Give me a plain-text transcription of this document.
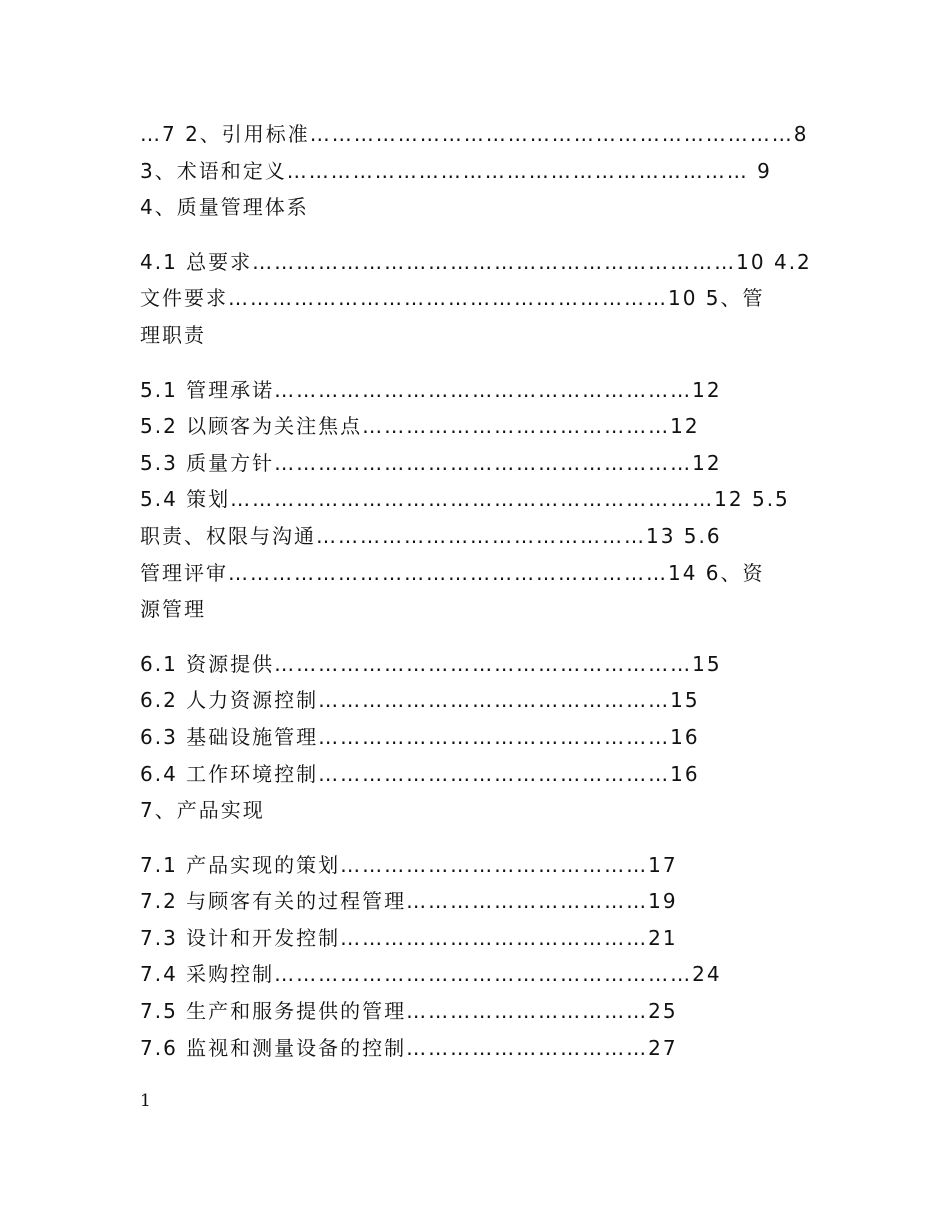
…7 2、引用标准…………………………………………………………8
3、术语和定义……………………………………………………… 9
4、质量管理体系
4.1 总要求…………………………………………………………10 4.2
文件要求……………………………………………………10 5、管
理职责
5.1 管理承诺…………………………………………………12
5.2 以顾客为关注焦点……………………………………12
5.3 质量方针…………………………………………………12
5.4 策划…………………………………………………………12 5.5
职责、权限与沟通………………………………………13 5.6
管理评审……………………………………………………14 6、资
源管理
6.1 资源提供…………………………………………………15
6.2 人力资源控制…………………………………………15
6.3 基础设施管理…………………………………………16
6.4 工作环境控制…………………………………………16
7、产品实现
7.1 产品实现的策划……………………………………17
7.2 与顾客有关的过程管理……………………………19
7.3 设计和开发控制……………………………………21
7.4 采购控制…………………………………………………24
7.5 生产和服务提供的管理……………………………25
7.6 监视和测量设备的控制……………………………27
1
